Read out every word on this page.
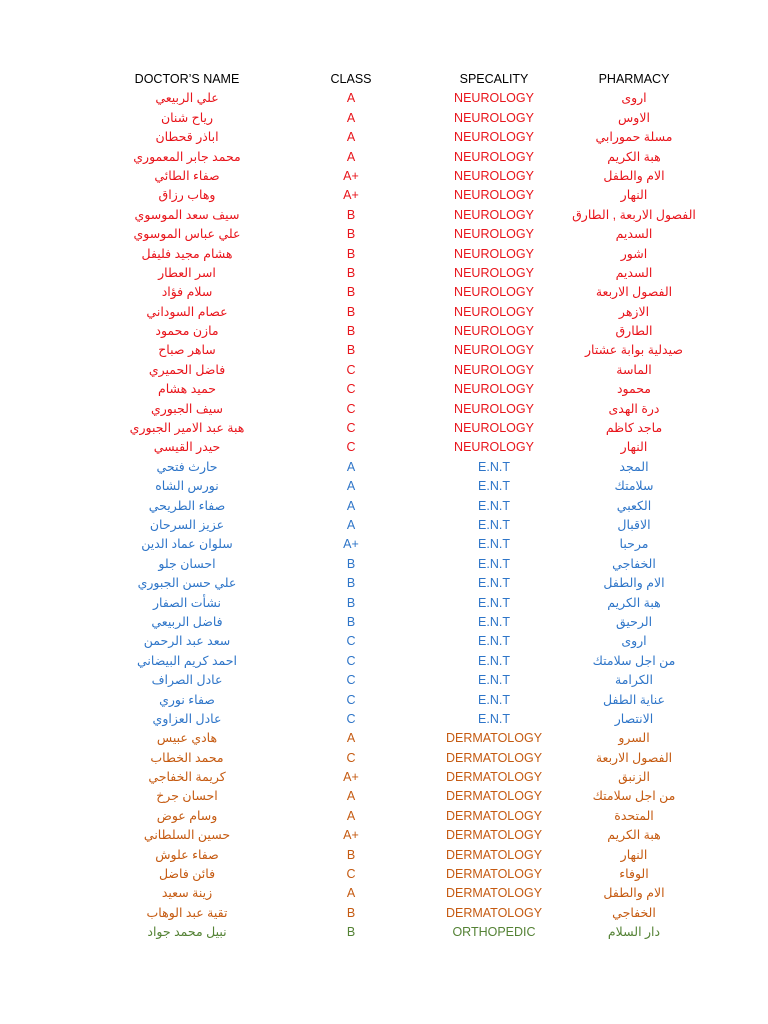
DOCTOR’S NAME	CLASS	SPECALITY	PHARMACY
علي الربيعي	A	NEUROLOGY	اروى
رياح شنان	A	NEUROLOGY	الاوس
اباذر قحطان	A	NEUROLOGY	مسلة حمورابي
محمد جابر المعموري	A	NEUROLOGY	هبة الكريم
صفاء الطائي	A+	NEUROLOGY	الام والطفل
وهاب رزاق	A+	NEUROLOGY	النهار
سيف سعد الموسوي	B	NEUROLOGY	الفصول الاربعة , الطارق
علي عباس الموسوي	B	NEUROLOGY	السديم
هشام مجيد فليفل	B	NEUROLOGY	اشور
اسر العطار	B	NEUROLOGY	السديم
سلام فؤاد	B	NEUROLOGY	الفصول الاربعة
عصام السوداني	B	NEUROLOGY	الازهر
مازن محمود	B	NEUROLOGY	الطارق
ساهر صباح	B	NEUROLOGY	صيدلية بوابة عشتار
فاضل الحميري	C	NEUROLOGY	الماسة
حميد هشام	C	NEUROLOGY	محمود
سيف الجبوري	C	NEUROLOGY	درة الهدى
هبة عبد الامير الجبوري	C	NEUROLOGY	ماجد كاظم
حيدر القيسي	C	NEUROLOGY	النهار
حارث فتحي	A	E.N.T	المجد
نورس الشاه	A	E.N.T	سلامتك
صفاء الطريحي	A	E.N.T	الكعبي
عزيز السرحان	A	E.N.T	الاقبال
سلوان عماد الدين	A+	E.N.T	مرحبا
احسان جلو	B	E.N.T	الخفاجي
علي حسن الجبوري	B	E.N.T	الام والطفل
نشأت الصفار	B	E.N.T	هبة الكريم
فاضل الربيعي	B	E.N.T	الرحيق
سعد عبد الرحمن	C	E.N.T	اروى
احمد كريم البيضاني	C	E.N.T	من اجل سلامتك
عادل الصراف	C	E.N.T	الكرامة
صفاء نوري	C	E.N.T	عناية الطفل
عادل العزاوي	C	E.N.T	الانتصار
هادي عبيس	A	DERMATOLOGY	السرو
محمد الخطاب	C	DERMATOLOGY	الفصول الاربعة
كريمة الخفاجي	A+	DERMATOLOGY	الزنبق
احسان جرخ	A	DERMATOLOGY	من اجل سلامتك
وسام عوض	A	DERMATOLOGY	المتحدة
حسين السلطاني	A+	DERMATOLOGY	هبة الكريم
صفاء علوش	B	DERMATOLOGY	النهار
فائن فاضل	C	DERMATOLOGY	الوفاء
زينة سعيد	A	DERMATOLOGY	الام والطفل
تقية عبد الوهاب	B	DERMATOLOGY	الخفاجي
نبيل محمد جواد	B	ORTHOPEDIC	دار السلام
